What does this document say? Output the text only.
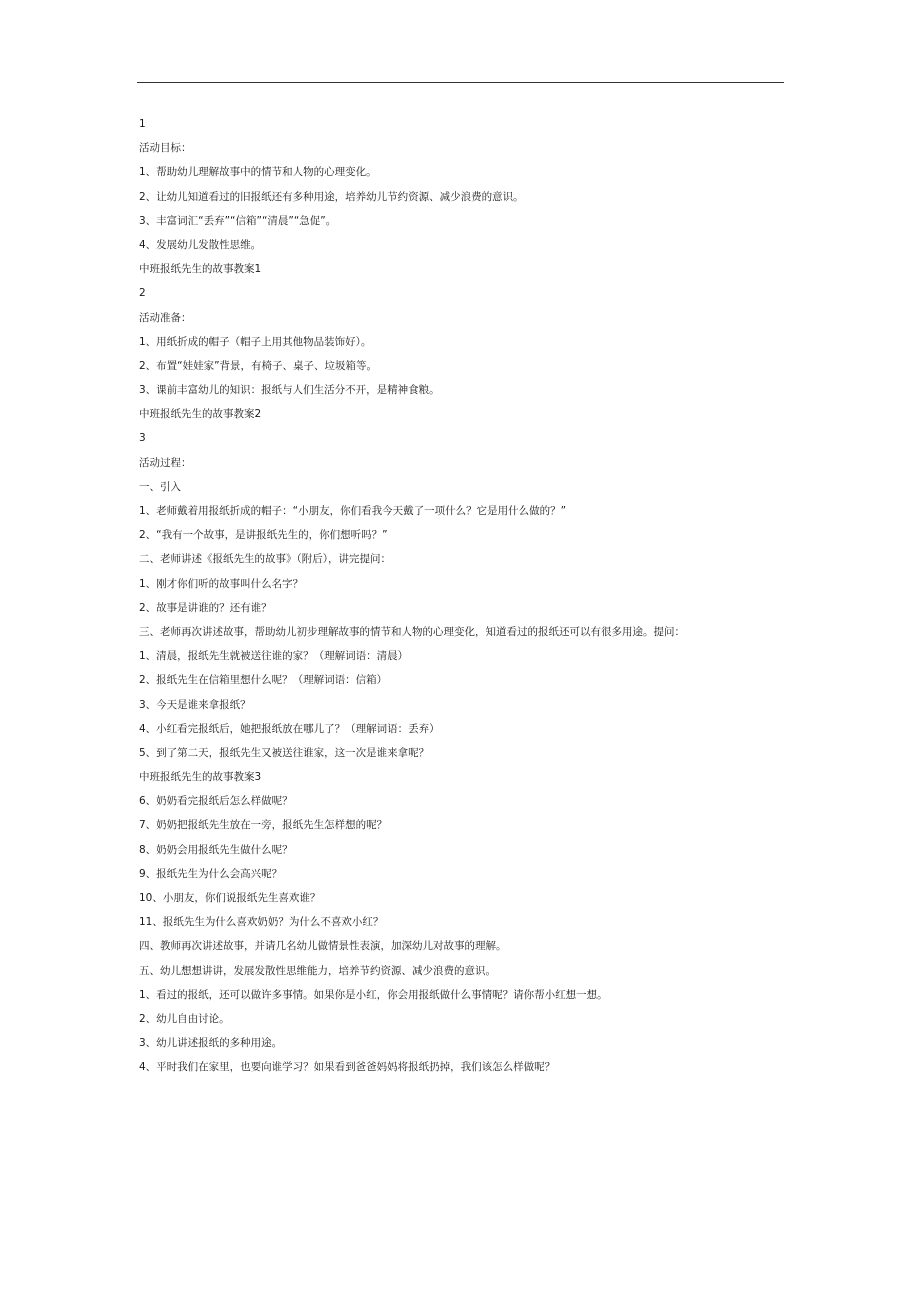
1
活动目标：
1、帮助幼儿理解故事中的情节和人物的心理变化。
2、让幼儿知道看过的旧报纸还有多种用途，培养幼儿节约资源、减少浪费的意识。
3、丰富词汇“丢弃”“信箱”“清晨”“急促”。
4、发展幼儿发散性思维。
中班报纸先生的故事教案1
2
活动准备：
1、用纸折成的帽子（帽子上用其他物品装饰好）。
2、布置“娃娃家”背景，有椅子、桌子、垃圾箱等。
3、课前丰富幼儿的知识：报纸与人们生活分不开，是精神食粮。
中班报纸先生的故事教案2
3
活动过程：
一、引入
1、老师戴着用报纸折成的帽子：“小朋友，你们看我今天戴了一项什么？它是用什么做的？”
2、“我有一个故事，是讲报纸先生的，你们想听吗？”
二、老师讲述《报纸先生的故事》（附后），讲完提问：
1、刚才你们听的故事叫什么名字？
2、故事是讲谁的？还有谁？
三、老师再次讲述故事，帮助幼儿初步理解故事的情节和人物的心理变化，知道看过的报纸还可以有很多用途。提问：
1、清晨，报纸先生就被送往谁的家？（理解词语：清晨）
2、报纸先生在信箱里想什么呢？（理解词语：信箱）
3、今天是谁来拿报纸？
4、小红看完报纸后，她把报纸放在哪儿了？（理解词语：丢弃）
5、到了第二天，报纸先生又被送往谁家，这一次是谁来拿呢？
中班报纸先生的故事教案3
6、奶奶看完报纸后怎么样做呢？
7、奶奶把报纸先生放在一旁，报纸先生怎样想的呢？
8、奶奶会用报纸先生做什么呢？
9、报纸先生为什么会高兴呢？
10、小朋友，你们说报纸先生喜欢谁？
11、报纸先生为什么喜欢奶奶？为什么不喜欢小红？
四、教师再次讲述故事，并请几名幼儿做情景性表演，加深幼儿对故事的理解。
五、幼儿想想讲讲，发展发散性思维能力，培养节约资源、减少浪费的意识。
1、看过的报纸，还可以做许多事情。如果你是小红，你会用报纸做什么事情呢？请你帮小红想一想。
2、幼儿自由讨论。
3、幼儿讲述报纸的多种用途。
4、平时我们在家里，也要向谁学习？如果看到爸爸妈妈将报纸扔掉，我们该怎么样做呢？
